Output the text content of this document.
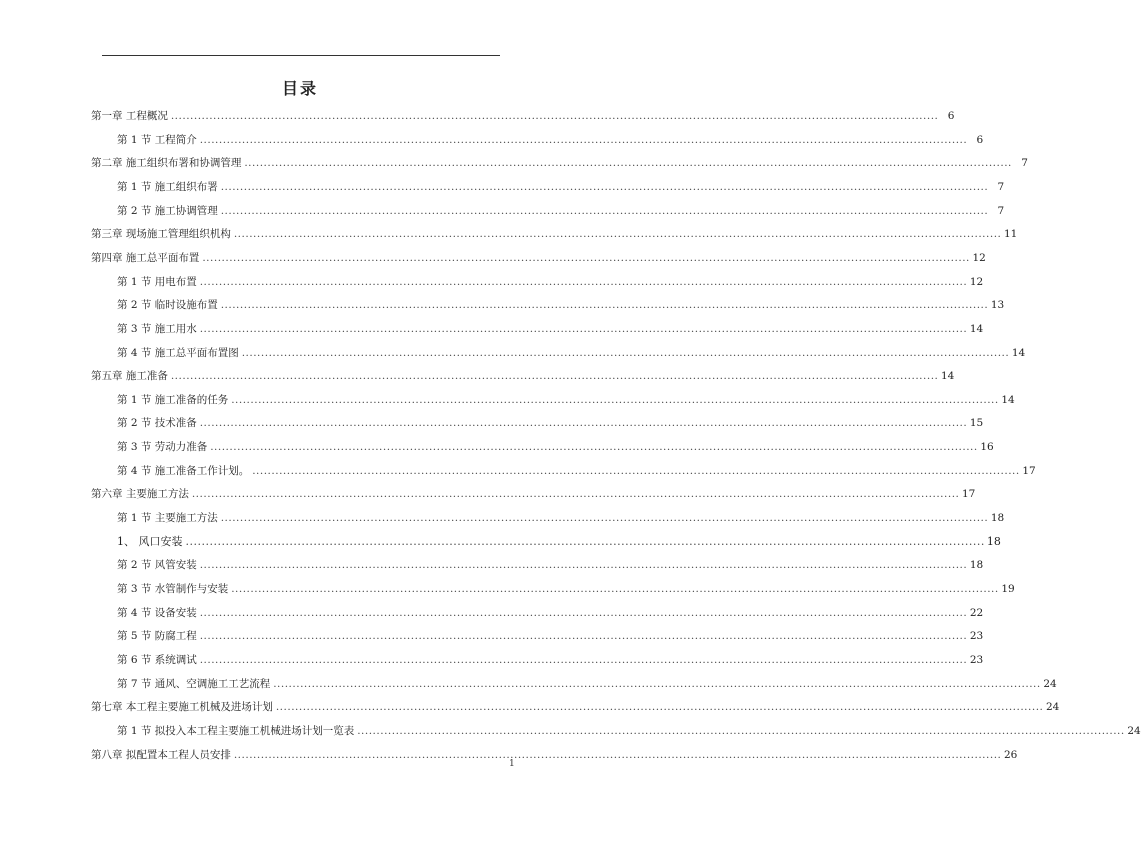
目录
第一章 工程概况 ........................................................................................................................................................................................................ 6
第 1 节 工程简介 ........................................................................................................................................................................................................ 6
第二章 施工组织布署和协调管理 ........................................................................................................................................................................................................ 7
第 1 节 施工组织布署 ........................................................................................................................................................................................................ 7
第 2 节 施工协调管理 ........................................................................................................................................................................................................ 7
第三章 现场施工管理组织机构 ........................................................................................................................................................................................................ 11
第四章 施工总平面布置 ........................................................................................................................................................................................................ 12
第 1 节 用电布置 ........................................................................................................................................................................................................ 12
第 2 节 临时设施布置 ........................................................................................................................................................................................................ 13
第 3 节 施工用水 ........................................................................................................................................................................................................ 14
第 4 节 施工总平面布置图 ........................................................................................................................................................................................................ 14
第五章 施工准备 ........................................................................................................................................................................................................ 14
第 1 节 施工准备的任务 ........................................................................................................................................................................................................ 14
第 2 节 技术准备 ........................................................................................................................................................................................................ 15
第 3 节 劳动力准备 ........................................................................................................................................................................................................ 16
第 4 节 施工准备工作计划。 ........................................................................................................................................................................................................ 17
第六章 主要施工方法 ........................................................................................................................................................................................................ 17
第 1 节 主要施工方法 ........................................................................................................................................................................................................ 18
1、 风口安装 ........................................................................................................................................................................................................ 18
第 2 节 风管安装 ........................................................................................................................................................................................................ 18
第 3 节 水管制作与安装 ........................................................................................................................................................................................................ 19
第 4 节 设备安装 ........................................................................................................................................................................................................ 22
第 5 节 防腐工程 ........................................................................................................................................................................................................ 23
第 6 节 系统调试 ........................................................................................................................................................................................................ 23
第 7 节 通风、空调施工工艺流程 ........................................................................................................................................................................................................ 24
第七章 本工程主要施工机械及进场计划 ........................................................................................................................................................................................................ 24
第 1 节 拟投入本工程主要施工机械进场计划一览表 ........................................................................................................................................................................................................ 24
第八章 拟配置本工程人员安排 ........................................................................................................................................................................................................ 26
1
